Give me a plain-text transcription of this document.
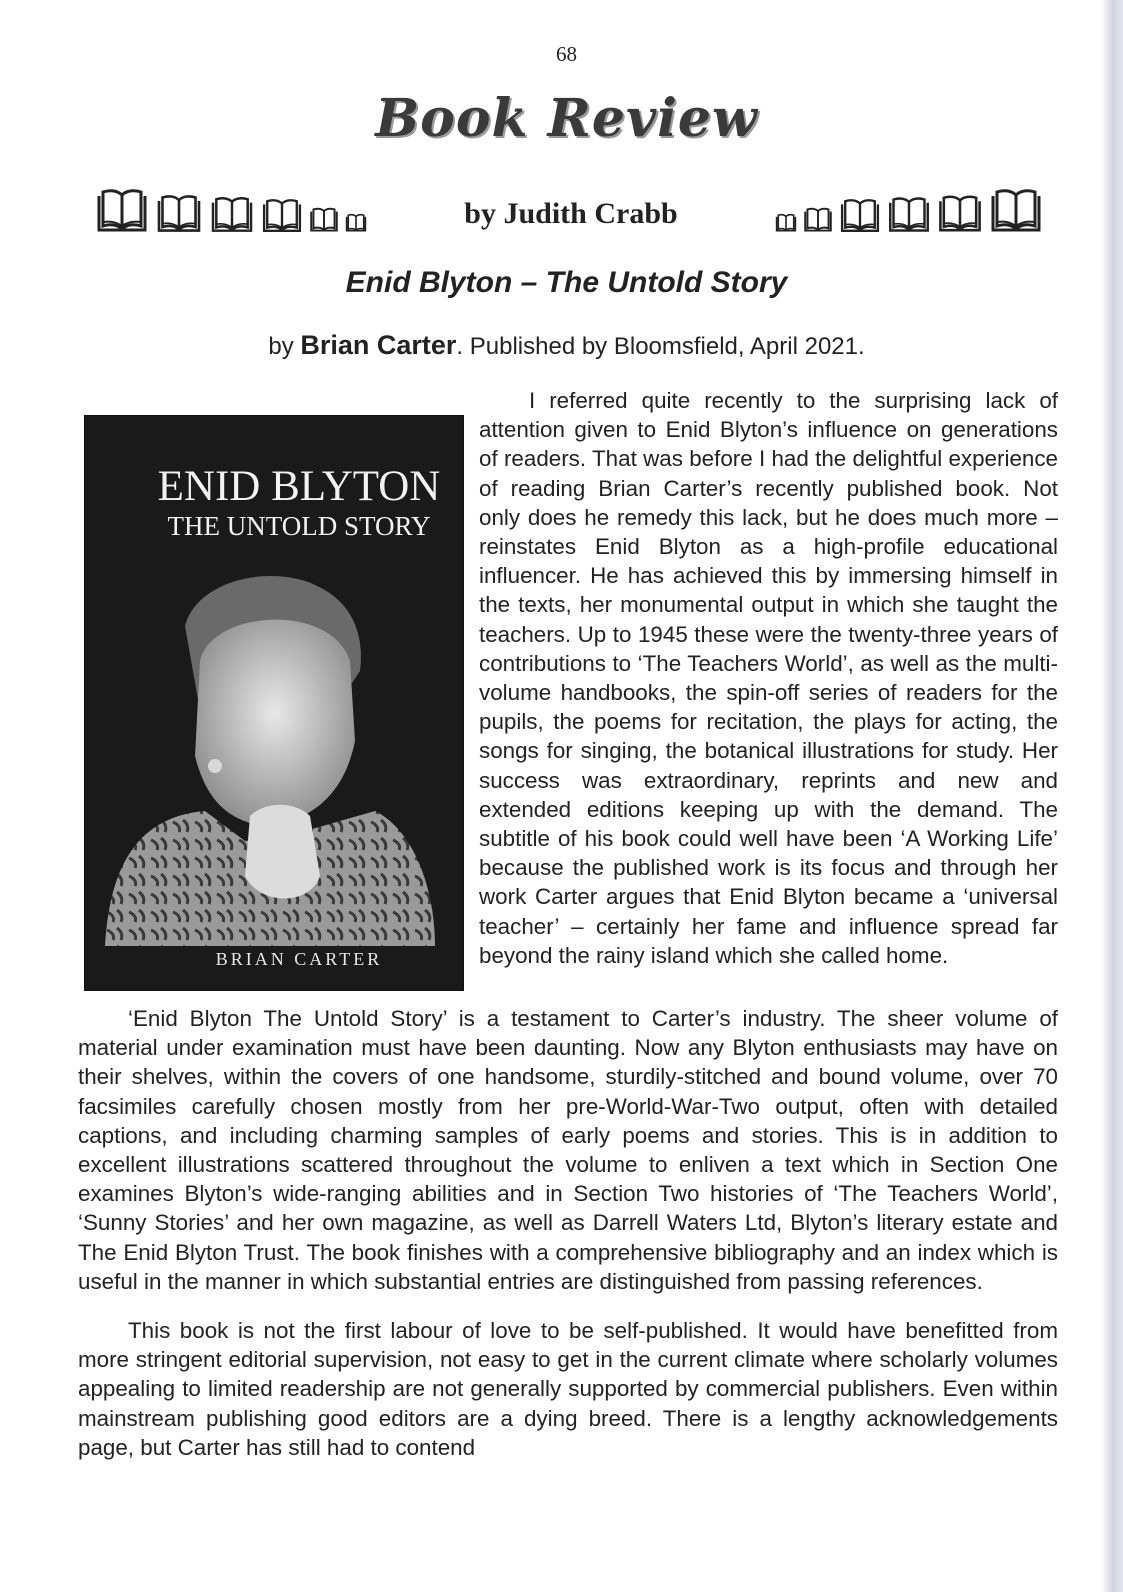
68
Book Review
by Judith Crabb
Enid Blyton – The Untold Story
by Brian Carter. Published by Bloomsfield, April 2021.

ENID BLYTON
THE UNTOLD STORY
BRIAN CARTER
I referred quite recently to the surprising lack of attention given to Enid Blyton’s influence on generations of readers. That was before I had the delightful experience of reading Brian Carter’s recently published book. Not only does he remedy this lack, but he does much more – reinstates Enid Blyton as a high-profile educational influencer. He has achieved this by immersing himself in the texts, her monumental output in which she taught the teachers. Up to 1945 these were the twenty-three years of contributions to ‘The Teachers World’, as well as the multi-volume handbooks, the spin-off series of readers for the pupils, the poems for recitation, the plays for acting, the songs for singing, the botanical illustrations for study. Her success was extraordinary, reprints and new and extended editions keeping up with the demand. The subtitle of his book could well have been ‘A Working Life’ because the published work is its focus and through her work Carter argues that Enid Blyton became a ‘universal teacher’ – certainly her fame and influence spread far beyond the rainy island which she called home.

‘Enid Blyton The Untold Story’ is a testament to Carter’s industry. The sheer volume of material under examination must have been daunting. Now any Blyton enthusiasts may have on their shelves, within the covers of one handsome, sturdily-stitched and bound volume, over 70 facsimiles carefully chosen mostly from her pre-World-War-Two output, often with detailed captions, and including charming samples of early poems and stories. This is in addition to excellent illustrations scattered throughout the volume to enliven a text which in Section One examines Blyton’s wide-ranging abilities and in Section Two histories of ‘The Teachers World’, ‘Sunny Stories’ and her own magazine, as well as Darrell Waters Ltd, Blyton’s literary estate and The Enid Blyton Trust. The book finishes with a comprehensive bibliography and an index which is useful in the manner in which substantial entries are distinguished from passing references.

This book is not the first labour of love to be self-published. It would have benefitted from more stringent editorial supervision, not easy to get in the current climate where scholarly volumes appealing to limited readership are not generally supported by commercial publishers. Even within mainstream publishing good editors are a dying breed. There is a lengthy acknowledgements page, but Carter has still had to contend
